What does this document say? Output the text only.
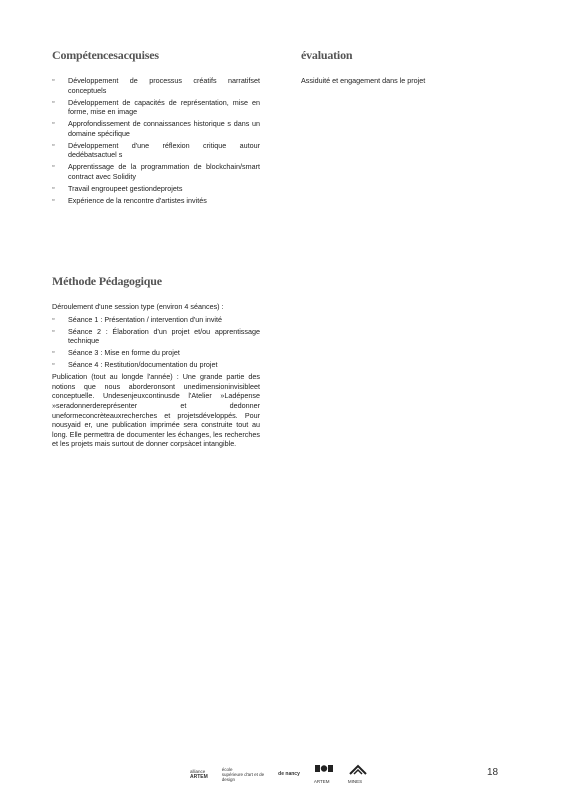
Compétencesacquises
▫	Développement de processus créatifs narratifset conceptuels
▫	Développement de capacités de représentation, mise en forme, mise en image
▫	Approfondissement de connaissances historique s dans un domaine spécifique
▫	Développement d'une réflexion critique autour dedébatsactuel s
▫	Apprentissage de la programmation de blockchain/smart contract avec Solidity
▫	Travail engroupeet gestiondeprojets
▫	Expérience de la rencontre d'artistes invités
évaluation

Assiduité et engagement dans le projet

Méthode Pédagogique

Déroulement d'une session type (environ 4 séances) :

▫	Séance 1 : Présentation / intervention d'un invité
▫	Séance 2 : Élaboration d'un projet et/ou apprentissage technique
▫	Séance 3 : Mise en forme du projet
▫	Séance 4 : Restitution/documentation du projet

Publication (tout au longde l'année) : Une grande partie des notions que nous aborderonsont unedimensioninvisibleet conceptuelle. Undesenjeuxcontinusde l'Atelier »Ladépense »seradonnerdereprésenter et dedonner uneformeconcrèteauxrecherches et projetsdéveloppés. Pour nousyaid er, une publication imprimée sera construite tout au long. Elle permettra de documenter les échanges, les recherches et les projets mais surtout de donner corpsàcet intangible.

alliance
ARTEM
école
supérieure d'art et de
design
de nancy
ARTEM	MINES
18
